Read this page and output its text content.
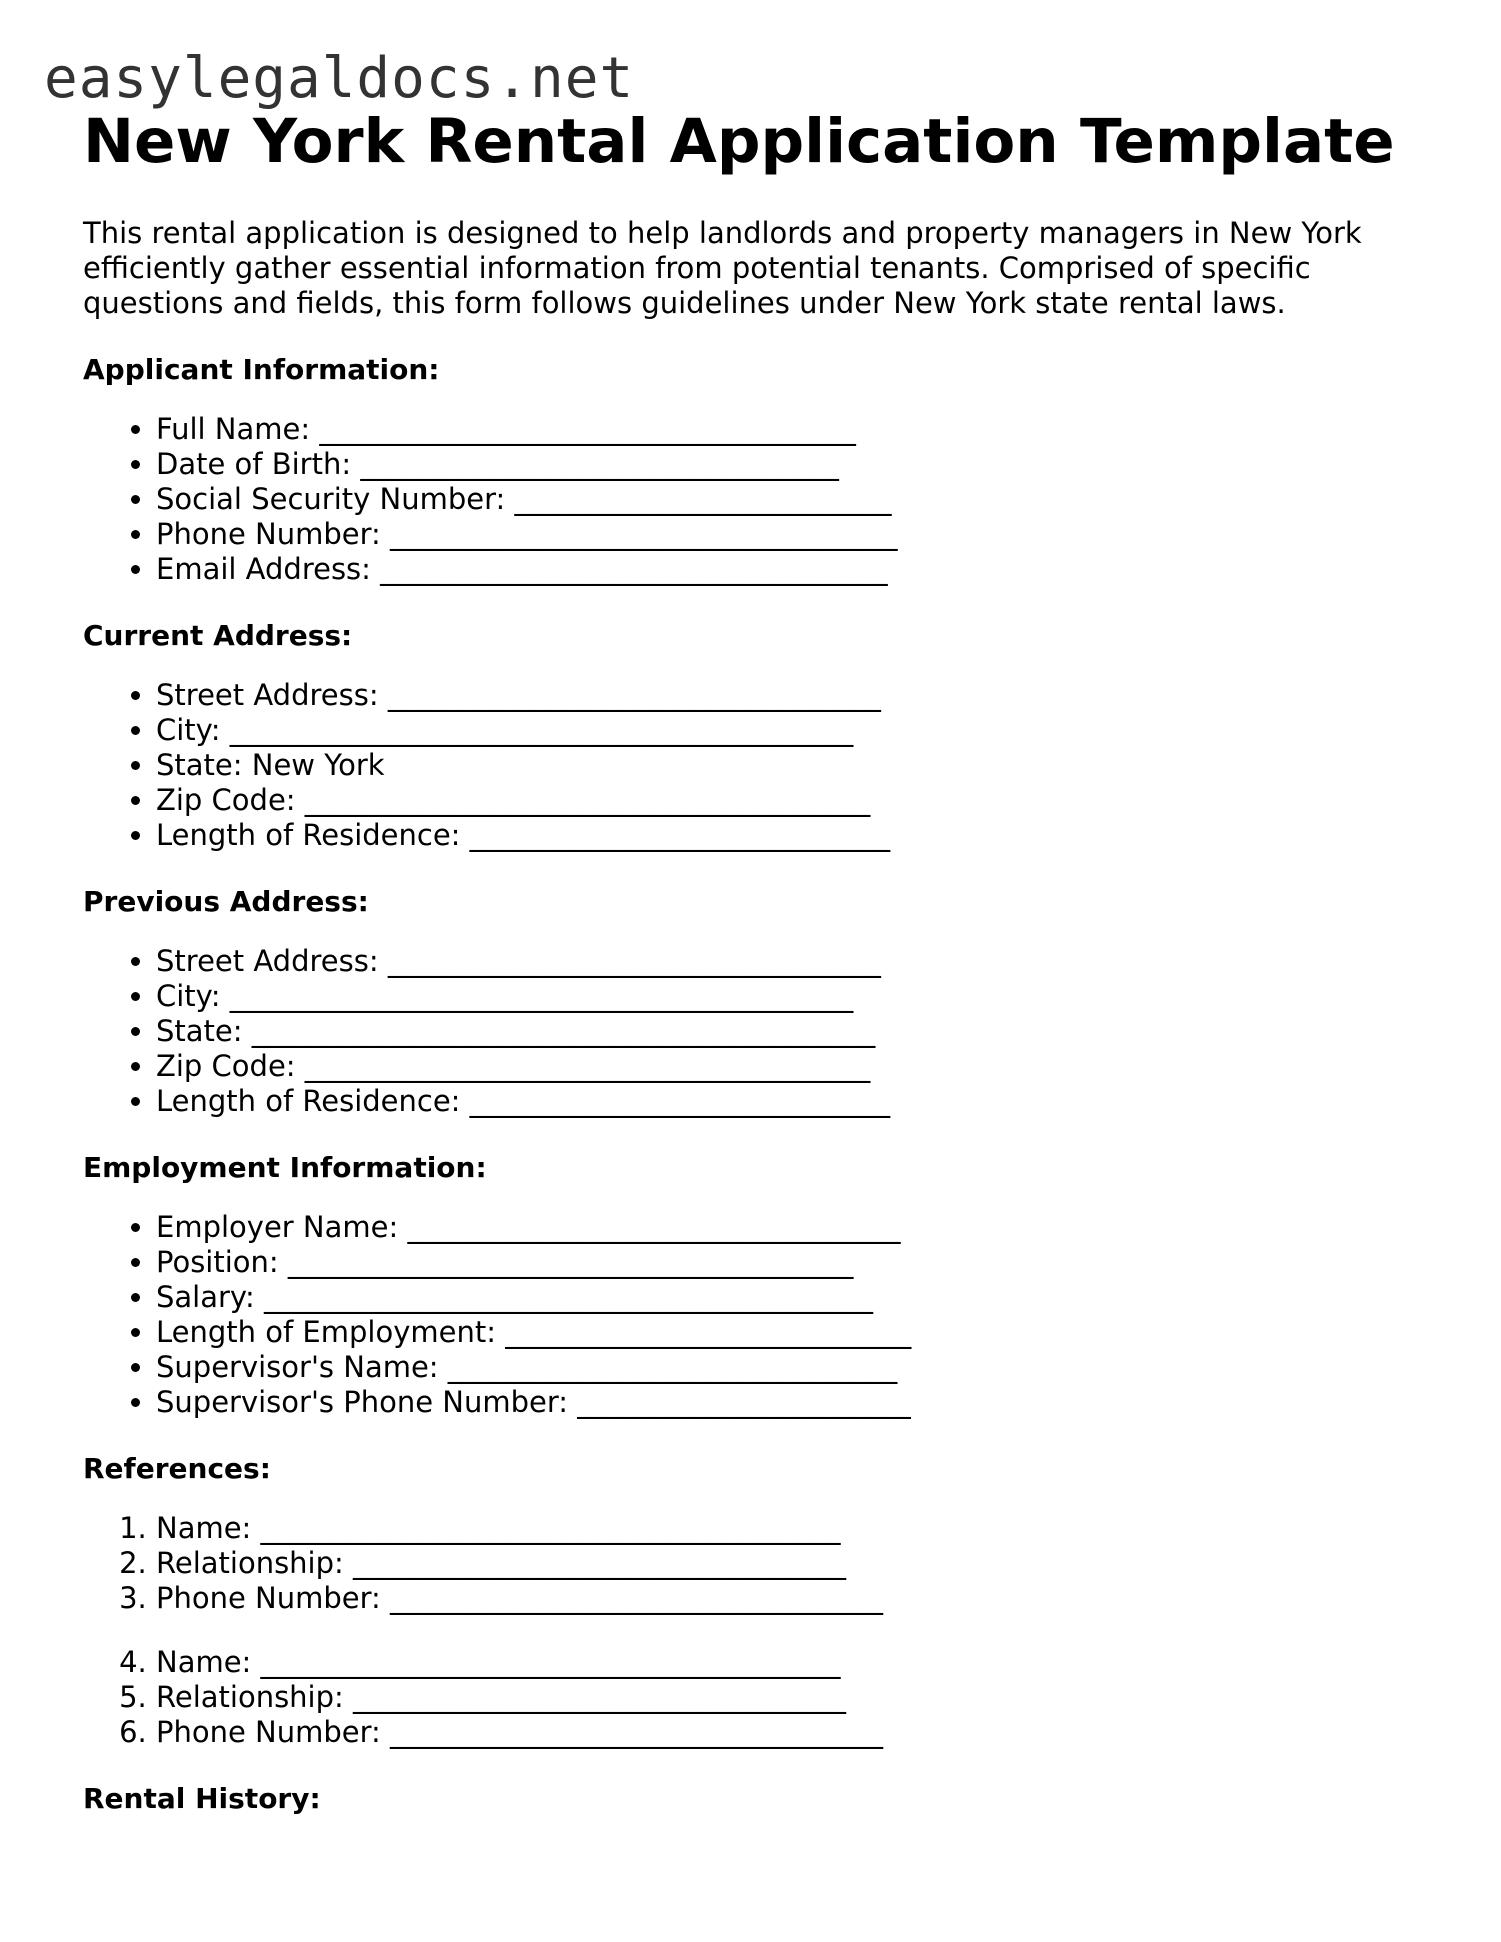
easylegaldocs.net
New York Rental Application Template

This rental application is designed to help landlords and property managers in New York efficiently gather essential information from potential tenants. Comprised of specific questions and fields, this form follows guidelines under New York state rental laws.

Applicant Information:
• Full Name: _____________________________________
• Date of Birth: _________________________________
• Social Security Number: __________________________
• Phone Number: ___________________________________
• Email Address: ___________________________________
Current Address:
• Street Address: __________________________________
• City: ___________________________________________
• State: New York
• Zip Code: _______________________________________
• Length of Residence: _____________________________
Previous Address:
• Street Address: __________________________________
• City: ___________________________________________
• State: ___________________________________________
• Zip Code: _______________________________________
• Length of Residence: _____________________________
Employment Information:
• Employer Name: __________________________________
• Position: _______________________________________
• Salary: __________________________________________
• Length of Employment: ____________________________
• Supervisor's Name: _______________________________
• Supervisor's Phone Number: _______________________
References:
1. Name: ________________________________________
2. Relationship: __________________________________
3. Phone Number: __________________________________
4. Name: ________________________________________
5. Relationship: __________________________________
6. Phone Number: __________________________________
Rental History:
